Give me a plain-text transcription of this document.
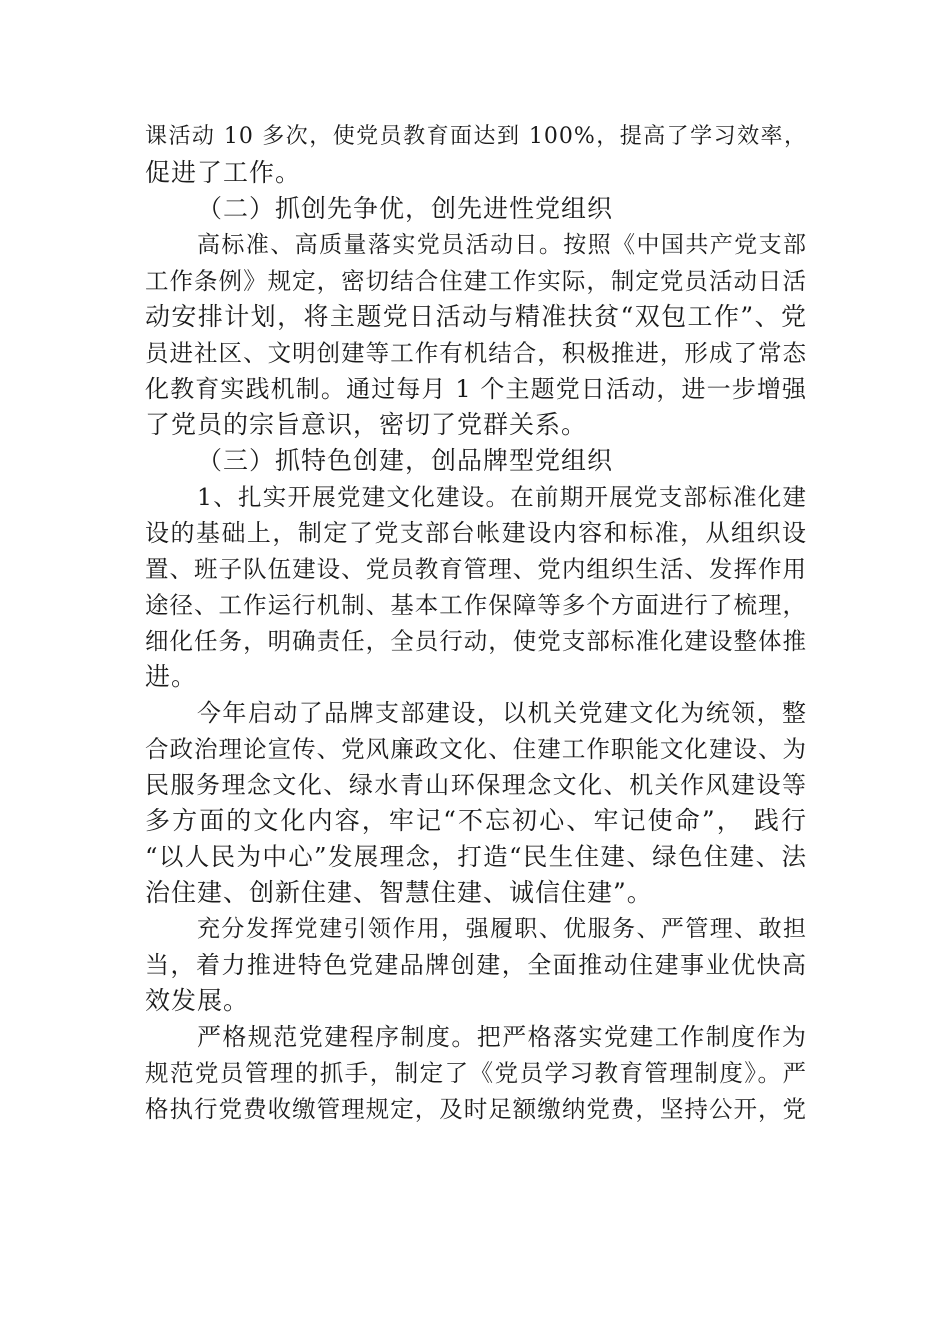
课活动 10 多次，使党员教育面达到 100%，提高了学习效率，
促进了工作。
（二）抓创先争优，创先进性党组织
高标准、高质量落实党员活动日。按照《中国共产党支部
工作条例》规定，密切结合住建工作实际，制定党员活动日活
动安排计划，将主题党日活动与精准扶贫“双包工作”、党
员进社区、文明创建等工作有机结合，积极推进，形成了常态
化教育实践机制。通过每月 1 个主题党日活动，进一步增强
了党员的宗旨意识，密切了党群关系。
（三）抓特色创建，创品牌型党组织
1、扎实开展党建文化建设。在前期开展党支部标准化建
设的基础上，制定了党支部台帐建设内容和标准，从组织设
置、班子队伍建设、党员教育管理、党内组织生活、发挥作用
途径、工作运行机制、基本工作保障等多个方面进行了梳理，
细化任务，明确责任，全员行动，使党支部标准化建设整体推
进。
今年启动了品牌支部建设，以机关党建文化为统领，整
合政治理论宣传、党风廉政文化、住建工作职能文化建设、为
民服务理念文化、绿水青山环保理念文化、机关作风建设等
多方面的文化内容，牢记“不忘初心、牢记使命”， 践行
“以人民为中心”发展理念，打造“民生住建、绿色住建、法
治住建、创新住建、智慧住建、诚信住建”。
充分发挥党建引领作用，强履职、优服务、严管理、敢担
当，着力推进特色党建品牌创建，全面推动住建事业优快高
效发展。
严格规范党建程序制度。把严格落实党建工作制度作为
规范党员管理的抓手，制定了《党员学习教育管理制度》。严
格执行党费收缴管理规定，及时足额缴纳党费，坚持公开，党
